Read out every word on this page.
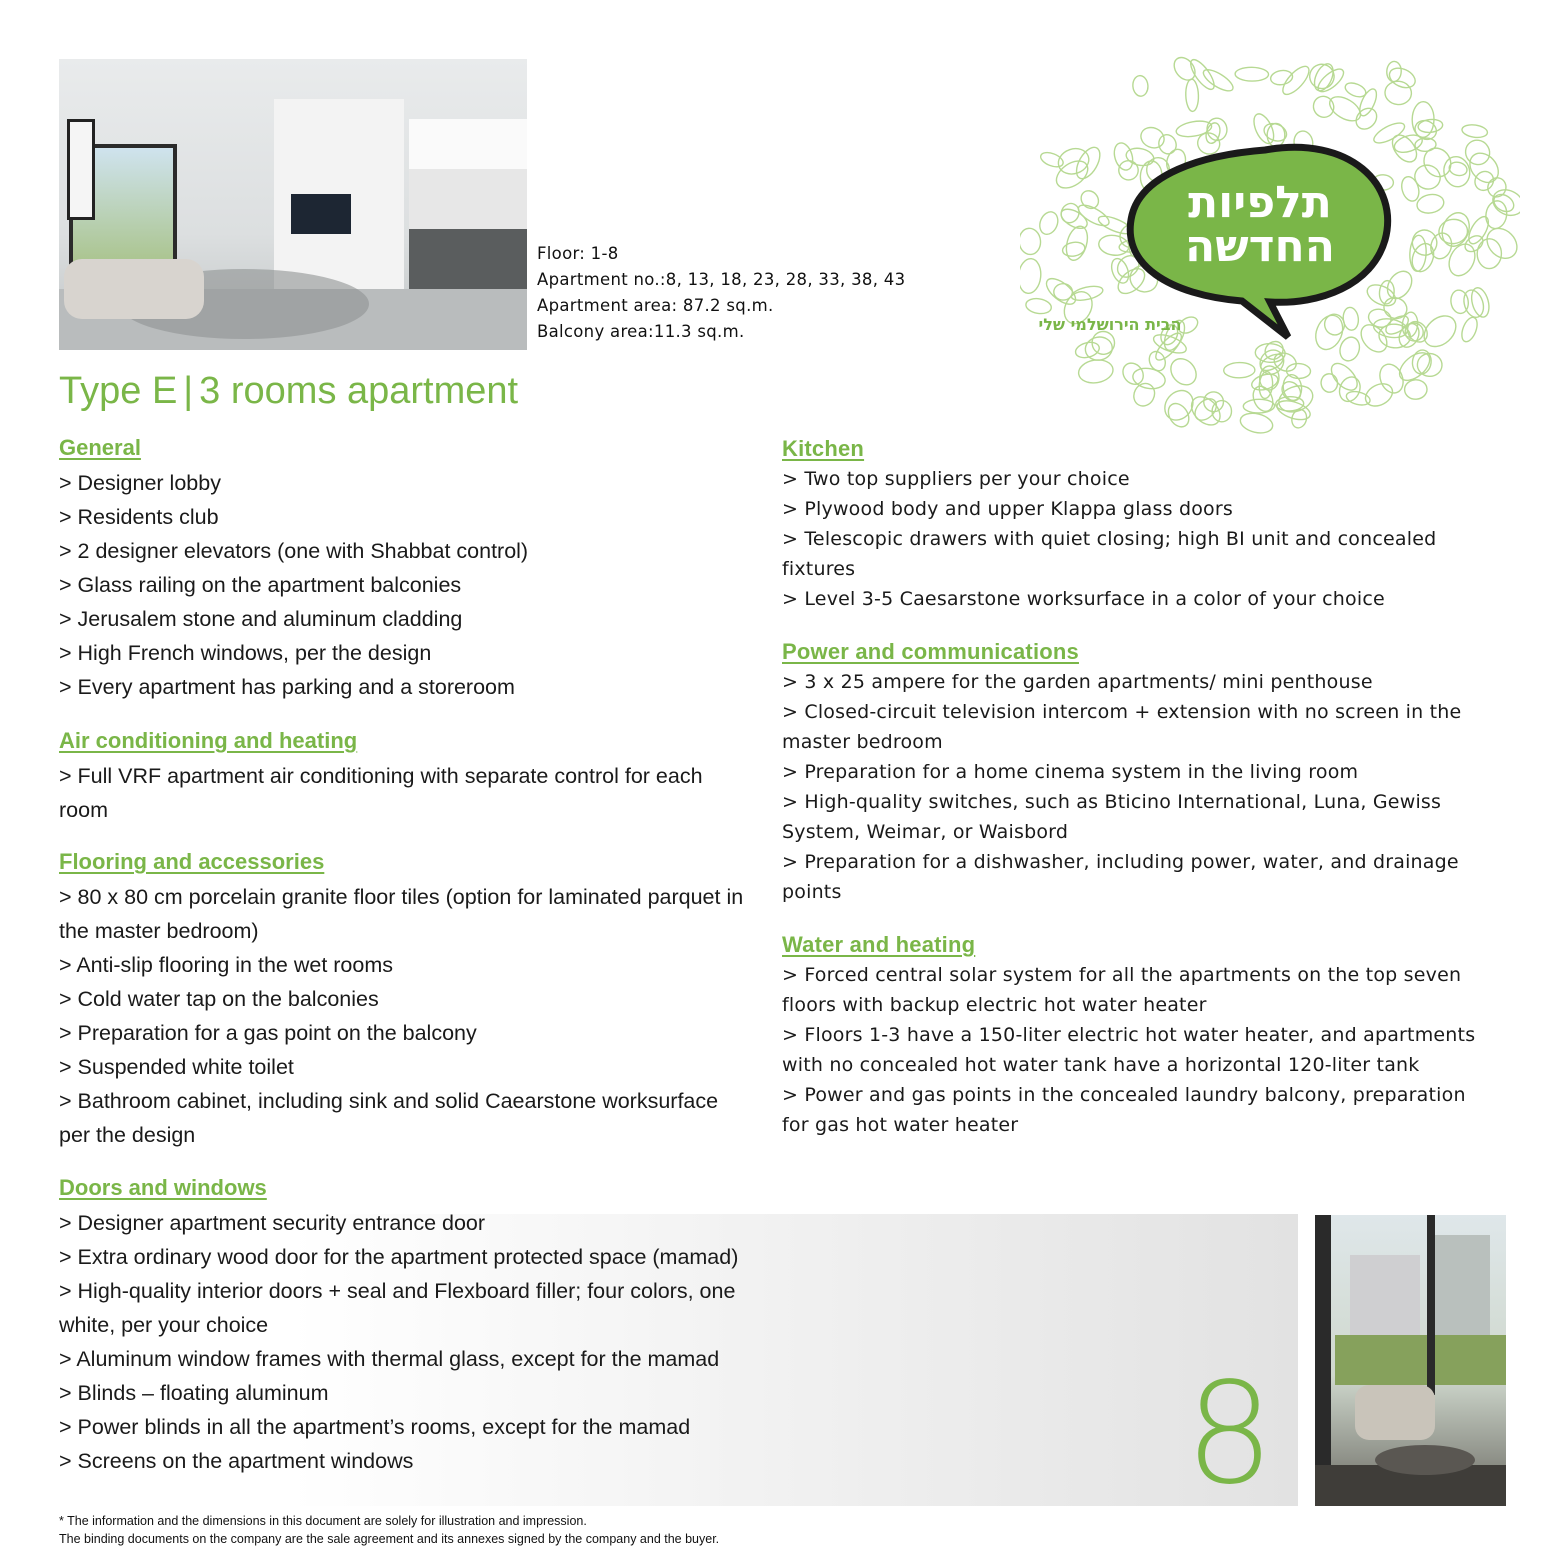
Floor: 1-8
Apartment no.:8, 13, 18, 23, 28, 33, 38, 43
Apartment area: 87.2 sq.m.
Balcony area:11.3 sq.m.
תלפיות
החדשה
הבית הירושלמי שלי
Type E | 3 rooms apartment
General
> Designer lobby
> Residents club
> 2 designer elevators (one with Shabbat control)
> Glass railing on the apartment balconies
> Jerusalem stone and aluminum cladding
> High French windows, per the design
> Every apartment has parking and a storeroom
Air conditioning and heating
> Full VRF apartment air conditioning with separate control for each room
Flooring and accessories
> 80 x 80 cm porcelain granite floor tiles (option for laminated parquet in the master bedroom)
> Anti-slip flooring in the wet rooms
> Cold water tap on the balconies
> Preparation for a gas point on the balcony
> Suspended white toilet
> Bathroom cabinet, including sink and solid Caearstone worksurface per the design
Doors and windows
> Designer apartment security entrance door
> Extra ordinary wood door for the apartment protected space (mamad)
> High-quality interior doors + seal and Flexboard filler; four colors, one white, per your choice
> Aluminum window frames with thermal glass, except for the mamad
> Blinds – floating aluminum
> Power blinds in all the apartment’s rooms, except for the mamad
> Screens on the apartment windows
Kitchen
> Two top suppliers per your choice
> Plywood body and upper Klappa glass doors
> Telescopic drawers with quiet closing; high BI unit and concealed fixtures
> Level 3-5 Caesarstone worksurface in a color of your choice
Power and communications
> 3 x 25 ampere for the garden apartments/ mini penthouse
> Closed-circuit television intercom + extension with no screen in the master bedroom
> Preparation for a home cinema system in the living room
> High-quality switches, such as Bticino International, Luna, Gewiss System, Weimar, or Waisbord
> Preparation for a dishwasher, including power, water, and drainage points
Water and heating
> Forced central solar system for all the apartments on the top seven floors with backup electric hot water heater
> Floors 1-3 have a 150-liter electric hot water heater, and apartments with no concealed hot water tank have a horizontal 120-liter tank
> Power and gas points in the concealed laundry balcony, preparation for gas hot water heater
8
* The information and the dimensions in this document are solely for illustration and impression.
The binding documents on the company are the sale agreement and its annexes signed by the company and the buyer.
